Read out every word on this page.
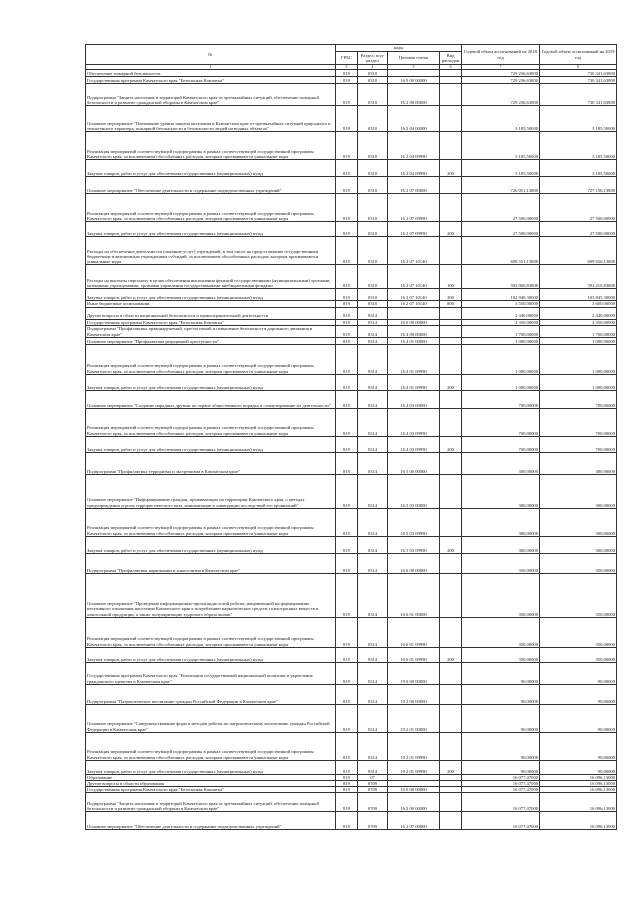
№	коды				Годовой объем ассигнований на 2018 год	Годовой объем ассигнований на 2019 год
	ГРБС	Раздел, под-раздел	Целевая статья	Вид расходов		
1	3	4	5	6	7	8
Обеспечение пожарной безопасности	819	0310			729 236,63800	730 341,63800
Государственная программа Камчатского края "Безопасная Камчатка"	819	0310	16 0 00 00000		729 236,63800	730 341,63800
Подпрограмма "Защита населения и территорий Камчатского края от чрезвычайных ситуаций, обеспечение пожарной безопасности и развитие гражданской обороны в Камчатском крае"	819	0310	16 2 00 00000		729 236,63800	730 341,63800
Основное мероприятие "Повышение уровня защиты населения в Камчатском крае от чрезвычайных ситуаций природного и техногенного характера, пожарной безопасности и безопасности людей на водных объектах"	819	0310	16 2 04 00000		3 185,50000	3 185,50000
Реализация мероприятий соответствующей подпрограммы в рамках соответствующей государственной программы Камчатского края, за исключением обособленных расходов, которым присваиваются уникальные коды	819	0310	16 2 04 09990		3 185,50000	3 185,50000
Закупка товаров, работ и услуг для обеспечения государственных (муниципальных) нужд	819	0310	16 2 04 09990	200	3 185,50000	3 185,50000
Основное мероприятие "Обеспечение деятельности и содержание подведомственных учреждений"	819	0310	16 2 07 00000		726 051,13800	727 156,13800
Реализация мероприятий соответствующей подпрограммы в рамках соответствующей государственной программы Камчатского края, за исключением обособленных расходов, которым присваиваются уникальные коды	819	0310	16 2 07 09990		27 500,00000	27 500,00000
Закупка товаров, работ и услуг для обеспечения государственных (муниципальных) нужд	819	0310	16 2 07 09990	200	27 500,00000	27 500,00000
Расходы на обеспечение деятельности (оказание услуг) учреждений, в том числе на предоставление государственным бюджетным и автономным учреждениям субсидий, за исключением обособленных расходов, которым присваиваются уникальные коды	819	0310	16 2 07 10140		698 551,13800	699 656,13800
Расходы на выплаты персоналу в целях обеспечения выполнения функций государственными (муниципальными) органами, казенными учреждениями, органами управления государственными внебюджетными фондами	819	0310	16 2 07 10140	100	592 060,83800	592 210,83800
Закупка товаров, работ и услуг для обеспечения государственных (муниципальных) нужд	819	0310	16 2 07 10140	200	102 940,30000	103 845,30000
Иные бюджетные ассигнования	819	0310	16 2 07 10140	800	3 550,00000	3 600,00000
Другие вопросы в области национальной безопасности и правоохранительной деятельности	819	0314			2 440,00000	2 440,00000
Государственная программа Камчатского края "Безопасная Камчатка"	819	0314	16 0 00 00000		2 350,00000	2 350,00000
Подпрограмма "Профилактика правонарушений, преступлений и повышение безопасности дорожного движения в Камчатском крае"	819	0314	16 4 00 00000		1 700,00000	1 700,00000
Основное мероприятие "Профилактика рецидивной преступности"	819	0314	16 4 01 00000		1 000,00000	1 000,00000
Реализация мероприятий соответствующей подпрограммы в рамках соответствующей государственной программы Камчатского края, за исключением обособленных расходов, которым присваиваются уникальные коды	819	0314	16 4 01 09990		1 000,00000	1 000,00000
Закупка товаров, работ и услуг для обеспечения государственных (муниципальных) нужд	819	0314	16 4 01 09990	200	1 000,00000	1 000,00000
Основное мероприятие "Создание народных дружин по охране общественного порядка и стимулирование их деятельности"	819	0314	16 4 03 00000		700,00000	700,00000
Реализация мероприятий соответствующей подпрограммы в рамках соответствующей государственной программы Камчатского края, за исключением обособленных расходов, которым присваиваются уникальные коды	819	0314	16 4 03 09990		700,00000	700,00000
Закупка товаров, работ и услуг для обеспечения государственных (муниципальных) нужд	819	0314	16 4 03 09990	200	700,00000	700,00000
Подпрограмма "Профилактика терроризма и экстремизма в Камчатском крае"	819	0314	16 5 00 00000		300,00000	300,00000
Основное мероприятие "Информирование граждан, проживающих на территории Камчатского края, о методах предупреждения угрозы террористического акта, минимизации и ликвидации последствий его проявлений"	819	0314	16 5 03 00000		300,00000	300,00000
Реализация мероприятий соответствующей подпрограммы в рамках соответствующей государственной программы Камчатского края, за исключением обособленных расходов, которым присваиваются уникальные коды	819	0314	16 5 03 09990		300,00000	300,00000
Закупка товаров, работ и услуг для обеспечения государственных (муниципальных) нужд	819	0314	16 5 03 09990	200	300,00000	300,00000
Подпрограмма "Профилактика наркомании и алкоголизма в Камчатском крае"	819	0314	16 6 00 00000		350,00000	350,00000
Основное мероприятие "Проведение информационно-пропагандистской работы, направленной на формирование негативного отношения населения Камчатского края к потреблению наркотических средств, психотропных веществ и алкогольной продукции, а также популяризацию здорового образа жизни"	819	0314	16 6 01 00000		350,00000	350,00000
Реализация мероприятий соответствующей подпрограммы в рамках соответствующей государственной программы Камчатского края, за исключением обособленных расходов, которым присваиваются уникальные коды	819	0314	16 6 01 09990		350,00000	350,00000
Закупка товаров, работ и услуг для обеспечения государственных (муниципальных) нужд	819	0314	16 6 01 09990	200	350,00000	350,00000
Государственная программа Камчатского края "Реализация государственной национальной политики и укрепление гражданского единства в Камчатском крае"	819	0314	19 0 00 00000		90,00000	90,00000
Подпрограмма "Патриотическое воспитание граждан Российской Федерации в Камчатском крае"	819	0314	19 2 00 00000		90,00000	90,00000
Основное мероприятие "Совершенствование форм и методов работы по патриотическому воспитанию граждан Российской Федерации в Камчатском крае"	819	0314	19 2 01 00000		90,00000	90,00000
Реализация мероприятий соответствующей подпрограммы в рамках соответствующей государственной программы Камчатского края, за исключением обособленных расходов, которым присваиваются уникальные коды	819	0314	19 2 01 09990		90,00000	90,00000
Закупка товаров, работ и услуг для обеспечения государственных (муниципальных) нужд	819	0314	19 2 01 09990	200	90,00000	90,00000
Образование	819	07			16 077,47000	16 096,13000
Другие вопросы в области образования	819	0709			16 077,47000	16 096,13000
Государственная программа Камчатского края "Безопасная Камчатка"	819	0709	16 0 00 00000		16 077,47000	16 096,13000
Подпрограмма "Защита населения и территорий Камчатского края от чрезвычайных ситуаций, обеспечение пожарной безопасности и развитие гражданской обороны в Камчатском крае"	819	0709	16 2 00 00000		16 077,47000	16 096,13000
Основное мероприятие "Обеспечение деятельности и содержание подведомственных учреждений"	819	0709	16 2 07 00000		16 077,47000	16 096,13000
